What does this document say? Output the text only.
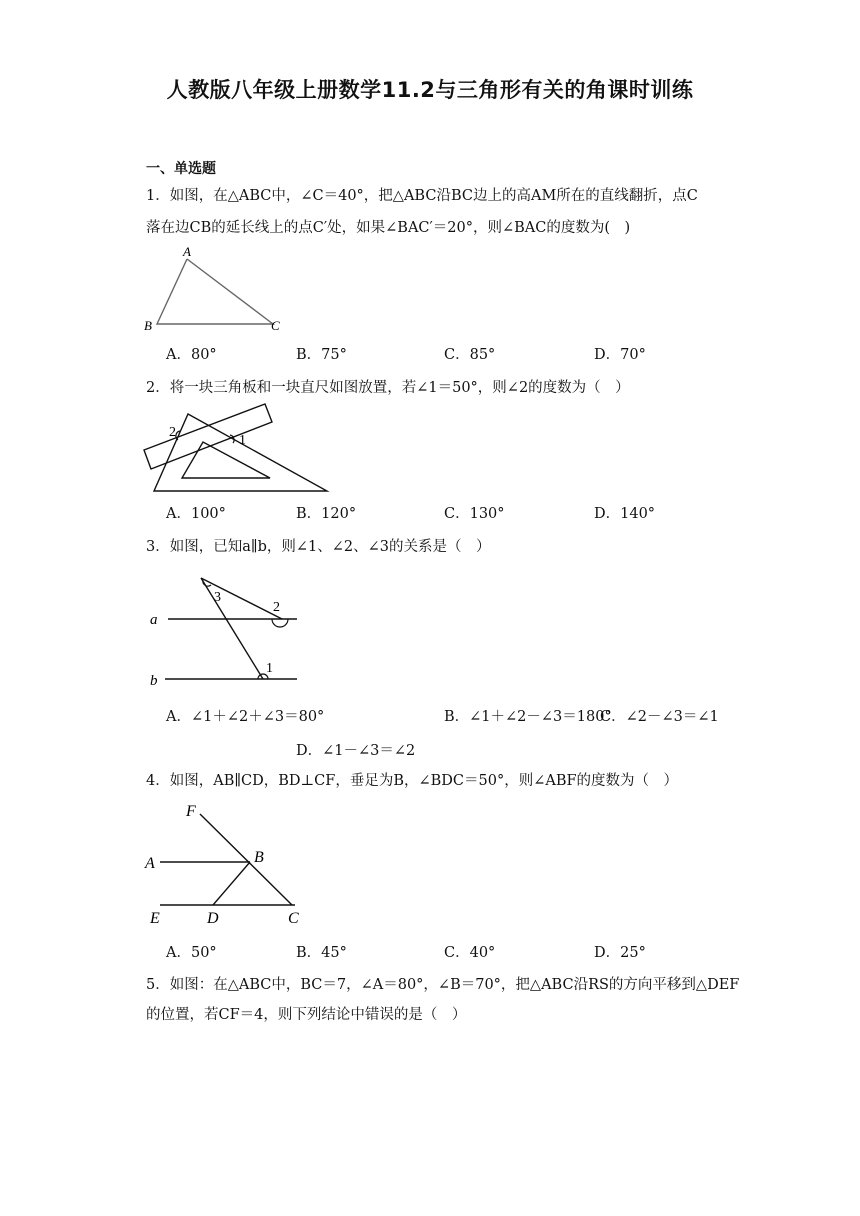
人教版八年级上册数学11.2与三角形有关的角课时训练
一、单选题
1．如图，在△ABC中，∠C＝40°，把△ABC沿BC边上的高AM所在的直线翻折，点C
落在边CB的延长线上的点C′处，如果∠BAC′＝20°，则∠BAC的度数为(　)
A
B	C
A．80°	B．75°	C．85°	D．70°
2．将一块三角板和一块直尺如图放置，若∠1＝50°，则∠2的度数为（　）
2
1
A．100°	B．120°	C．130°	D．140°
3．如图，已知a∥b，则∠1、∠2、∠3的关系是（　）
a
b
1
2
3
A．∠1＋∠2＋∠3＝80°	B．∠1＋∠2－∠3＝180°
C．∠2－∠3＝∠1
D．∠1－∠3＝∠2
4．如图，AB∥CD，BD⊥CF，垂足为B，∠BDC＝50°，则∠ABF的度数为（　）
F
A	B
E	D	C
A．50°	B．45°	C．40°	D．25°
5．如图：在△ABC中，BC＝7，∠A＝80°，∠B＝70°，把△ABC沿RS的方向平移到△DEF
的位置，若CF＝4，则下列结论中错误的是（　）
